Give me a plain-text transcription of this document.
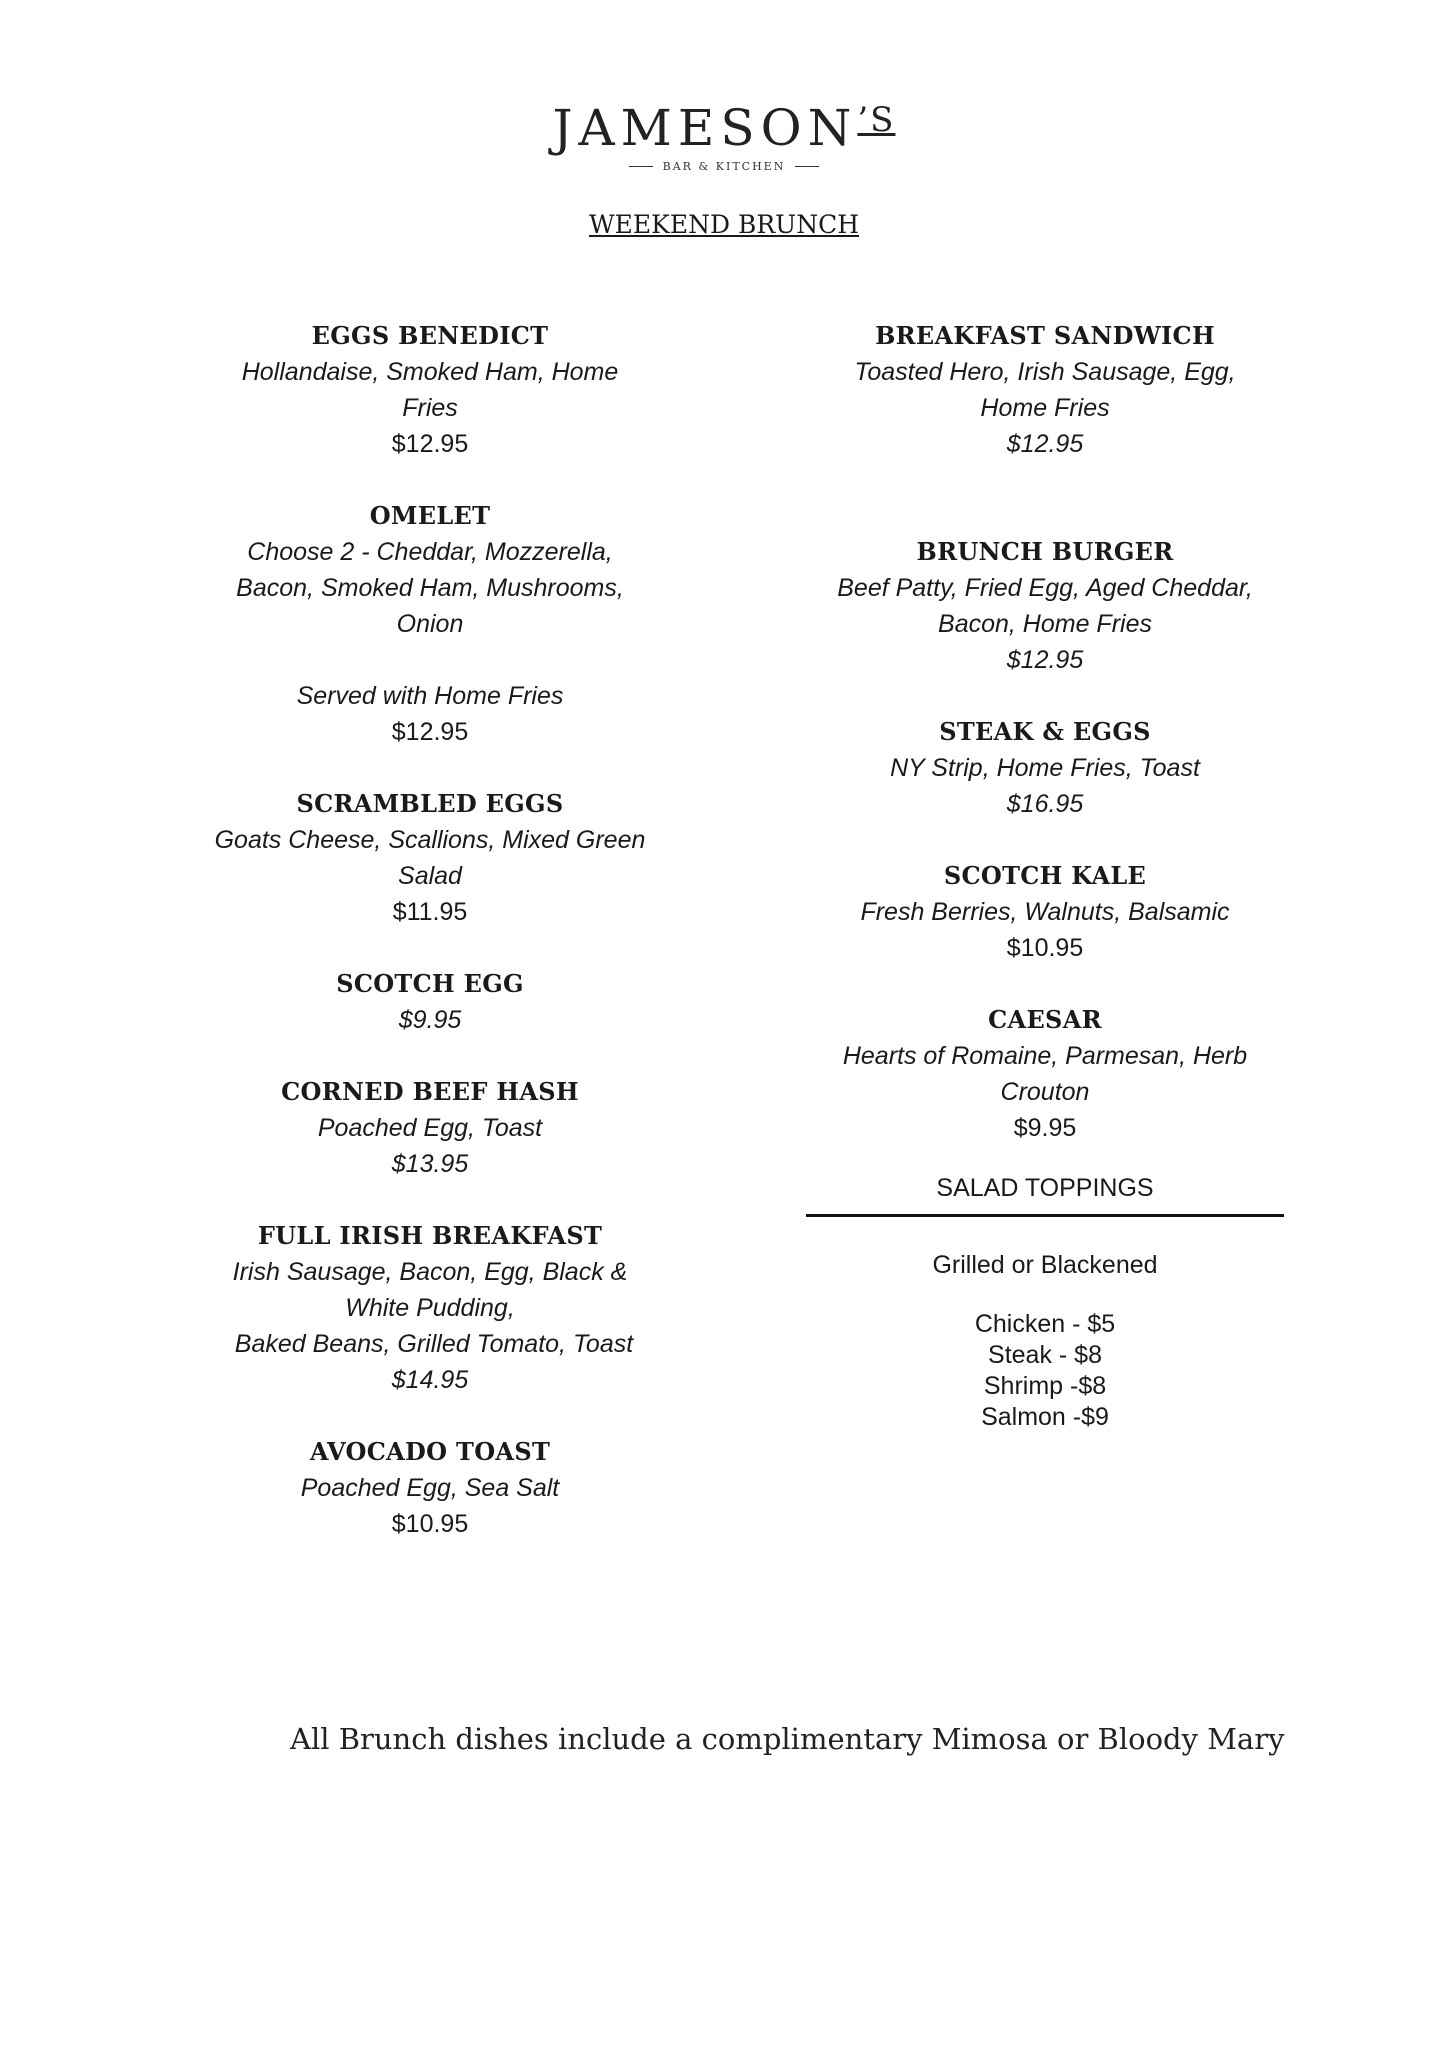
$JAMESON^{’S}$
BAR & KITCHEN
WEEKEND BRUNCH
EGGS BENEDICT
Hollandaise, Smoked Ham, Home
Fries
$12.95
OMELET
Choose 2 - Cheddar, Mozzerella,
Bacon, Smoked Ham, Mushrooms,
Onion
Served with Home Fries
$12.95
SCRAMBLED EGGS
Goats Cheese, Scallions, Mixed Green
Salad
$11.95
SCOTCH EGG
$9.95
CORNED BEEF HASH
Poached Egg, Toast
$13.95
FULL IRISH BREAKFAST
Irish Sausage, Bacon, Egg, Black &
White Pudding,
Baked Beans, Grilled Tomato, Toast
$14.95
AVOCADO TOAST
Poached Egg, Sea Salt
$10.95
BREAKFAST SANDWICH
Toasted Hero, Irish Sausage, Egg,
Home Fries
$12.95
BRUNCH BURGER
Beef Patty, Fried Egg, Aged Cheddar,
Bacon, Home Fries
$12.95
STEAK & EGGS
NY Strip, Home Fries, Toast
$16.95
SCOTCH KALE
Fresh Berries, Walnuts, Balsamic
$10.95
CAESAR
Hearts of Romaine, Parmesan, Herb
Crouton
$9.95
SALAD TOPPINGS
Grilled or Blackened
Chicken - $5
Steak - $8
Shrimp -$8
Salmon -$9
All Brunch dishes include a complimentary Mimosa or Bloody Mary
